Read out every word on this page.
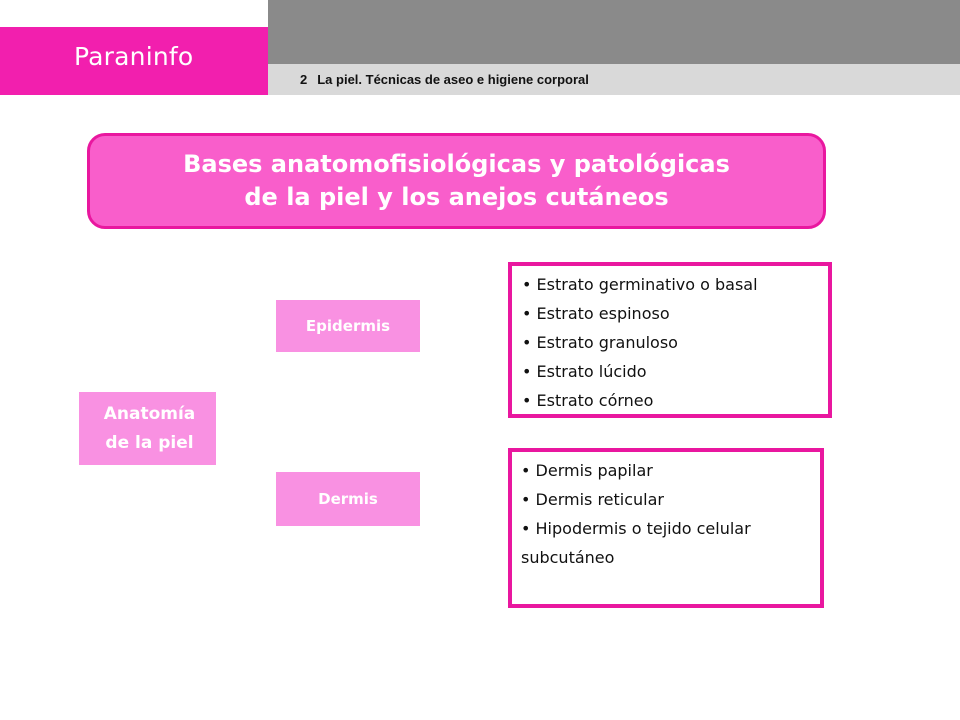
Paraninfo
2 La piel. Técnicas de aseo e higiene corporal
Bases anatomofisiológicas y patológicas
de la piel y los anejos cutáneos
Anatomía
de la piel
Epidermis
Dermis
• Estrato germinativo o basal
• Estrato espinoso
• Estrato granuloso
• Estrato lúcido
• Estrato córneo
• Dermis papilar
• Dermis reticular
• Hipodermis o tejido celular
subcutáneo
